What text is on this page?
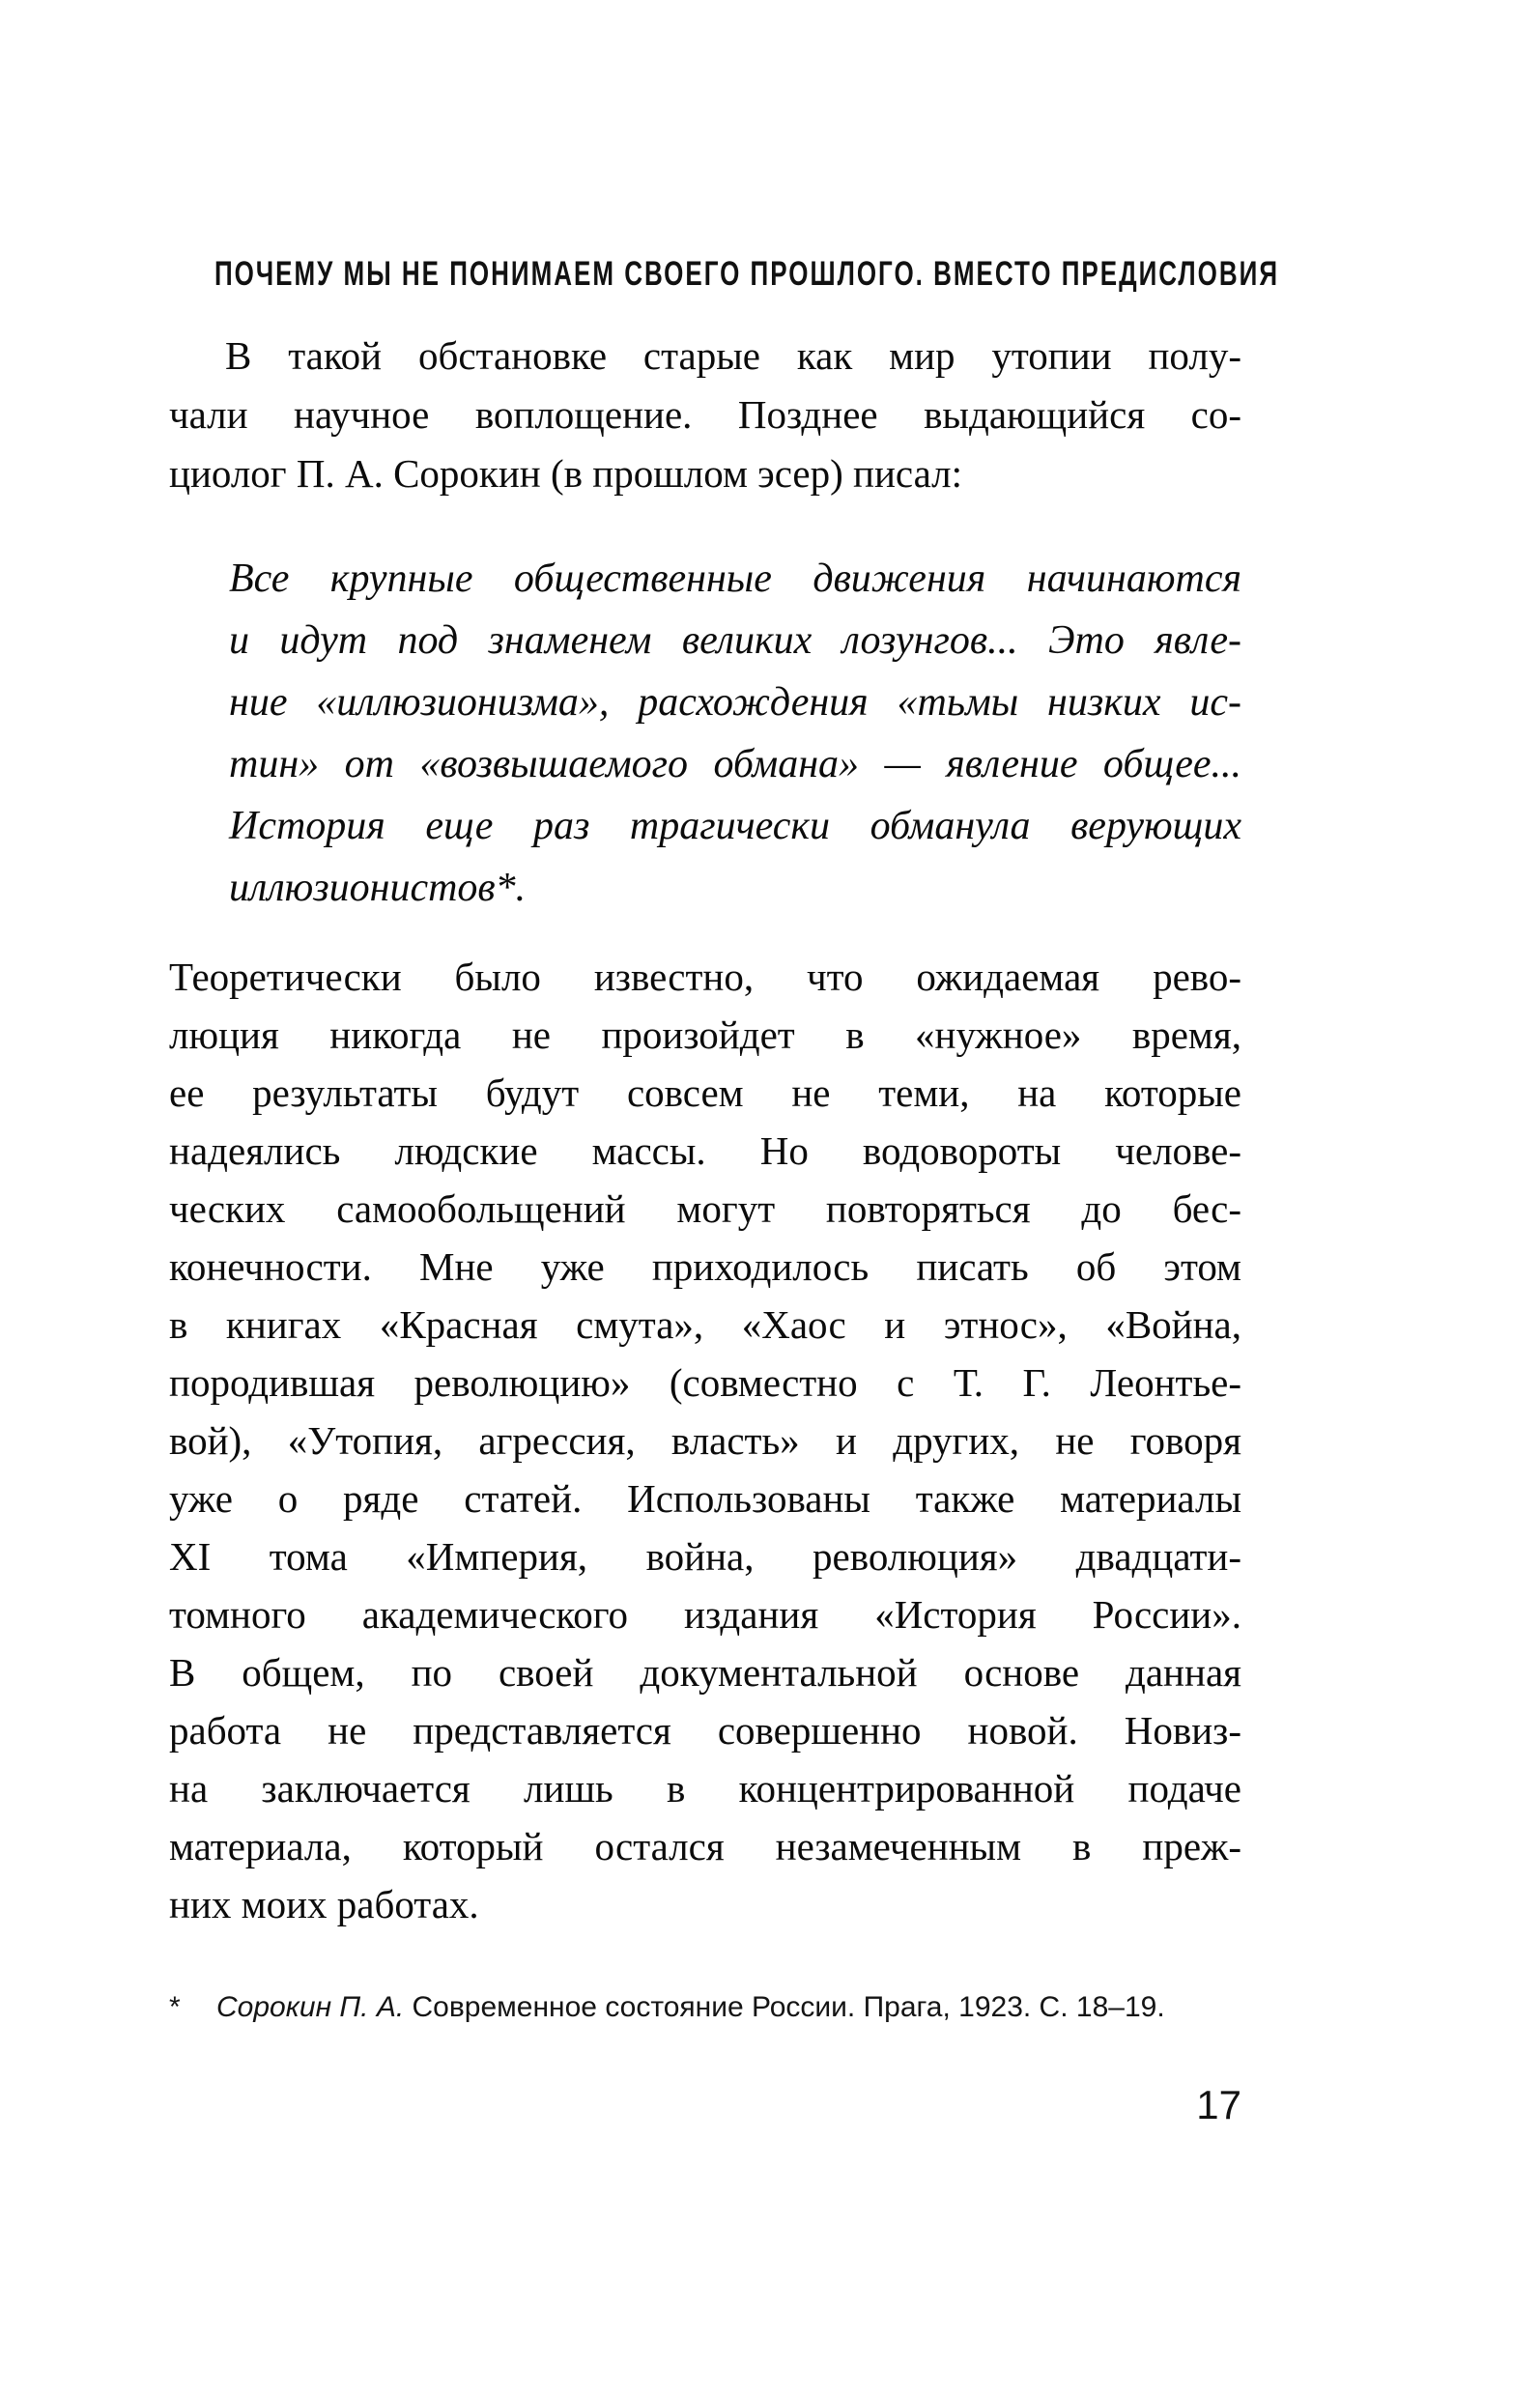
ПОЧЕМУ МЫ НЕ ПОНИМАЕМ СВОЕГО ПРОШЛОГО. ВМЕСТО ПРЕДИСЛОВИЯ
В такой обстановке старые как мир утопии полу-
чали научное воплощение. Позднее выдающийся со-
циолог П. А. Сорокин (в прошлом эсер) писал:
Все крупные общественные движения начинаются
и идут под знаменем великих лозунгов... Это явле-
ние «иллюзионизма», расхождения «тьмы низких ис-
тин» от «возвышаемого обмана» — явление общее...
История еще раз трагически обманула верующих
иллюзионистов*.
Теоретически было известно, что ожидаемая рево-
люция никогда не произойдет в «нужное» время,
ее результаты будут совсем не теми, на которые
надеялись людские массы. Но водовороты челове-
ческих самообольщений могут повторяться до бес-
конечности. Мне уже приходилось писать об этом
в книгах «Красная смута», «Хаос и этнос», «Война,
породившая революцию» (совместно с Т. Г. Леонтье-
вой), «Утопия, агрессия, власть» и других, не говоря
уже о ряде статей. Использованы также материалы
XI тома «Империя, война, революция» двадцати-
томного академического издания «История России».
В общем, по своей документальной основе данная
работа не представляется совершенно новой. Новиз-
на заключается лишь в концентрированной подаче
материала, который остался незамеченным в преж-
них моих работах.
*	Сорокин П. А. Современное состояние России. Прага, 1923. С. 18–19.
17
